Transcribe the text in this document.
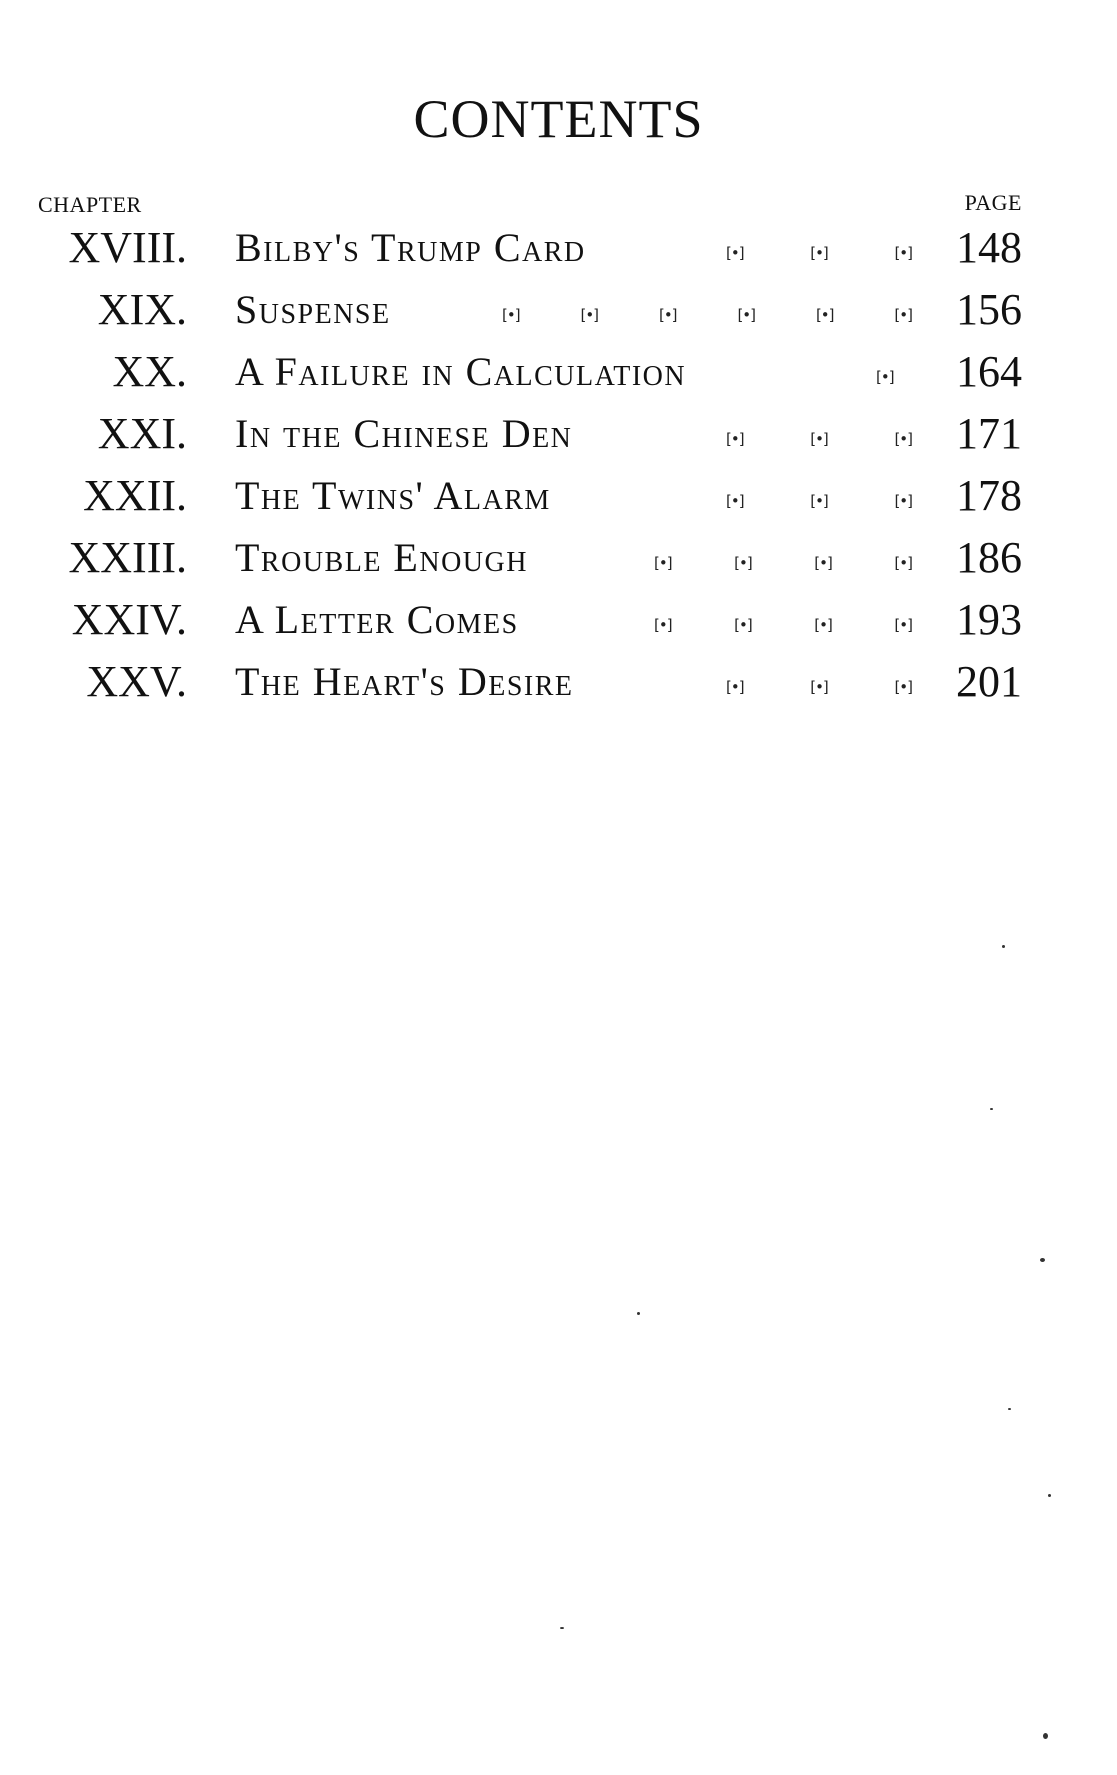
CONTENTS
CHAPTER	PAGE
XVIII. Bilby's Trump Card	[•]	[•]	[•] 148
XIX. Suspense	[•]	[•]	[•]	[•]	[•]	[•] 156
XX. A Failure in Calculation	[•] 164
XXI. In the Chinese Den	[•]	[•]	[•] 171
XXII. The Twins' Alarm	[•]	[•]	[•] 178
XXIII. Trouble Enough	[•]	[•]	[•]	[•] 186
XXIV. A Letter Comes	[•]	[•]	[•]	[•] 193
XXV. The Heart's Desire	[•]	[•]	[•] 201
